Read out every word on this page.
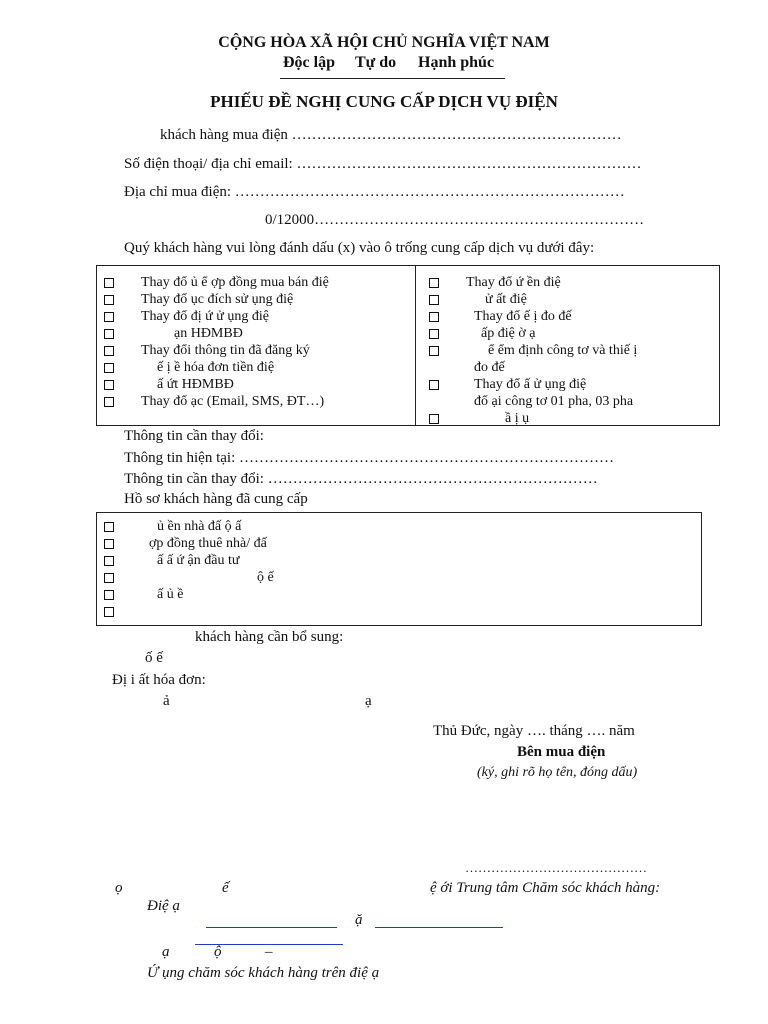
CỘNG HÒA XÃ HỘI CHỦ NGHĨA VIỆT NAM
Độc lập Tự do Hạnh phúc
PHIẾU ĐỀ NGHỊ CUNG CẤP DỊCH VỤ ĐIỆN
khách hàng mua điện …………………………………………………………
Số điện thoại/ địa chỉ email: ……………………………………………………………
Địa chỉ mua điện: ……………………………………………………………………
0/12000…………………………………………………………
Quý khách hàng vui lòng đánh dấu (x) vào ô trống cung cấp dịch vụ dưới đây:
Thay đổ ủ ể ợp đồng mua bán điệ
Thay đổ ục đích sử ụng điệ
Thay đổ đị ứ ử ụng điệ
ạn HĐMBĐ
Thay đổi thông tin đã đăng ký
ế ị ề hóa đơn tiền điệ
ấ ứt HĐMBĐ
Thay đổ ạc (Email, SMS, ĐT…)
Thay đổ ứ ền điệ
ử ất điệ
Thay đổ ế ị đo đế
ấp điệ ờ ạ
ể ểm định công tơ và thiế ị
đo đế
Thay đổ ấ ử ụng điệ
đổ ại công tơ 01 pha, 03 pha
ầ ị ụ
Thông tin cần thay đổi:
Thông tin hiện tại: …………………………………………………………………
Thông tin cần thay đổi: …………………………………………………………
Hồ sơ khách hàng đã cung cấp
ủ ền nhà đấ ộ ấ
ợp đồng thuê nhà/ đấ
ấ ấ ứ ận đầu tư
ộ ế
ấ ủ ề
khách hàng cần bổ sung:
ố ế
Đị i ất hóa đơn:
ả	ạ
Thủ Đức, ngày …. tháng …. năm
Bên mua điện
(ký, ghi rõ họ tên, đóng dấu)
……………………………………
ọ	ế	ệ ới Trung tâm Chăm sóc khách hàng:
Điệ ạ
ặ
ạ	ộ	–
Ứ ụng chăm sóc khách hàng trên điệ ạ
